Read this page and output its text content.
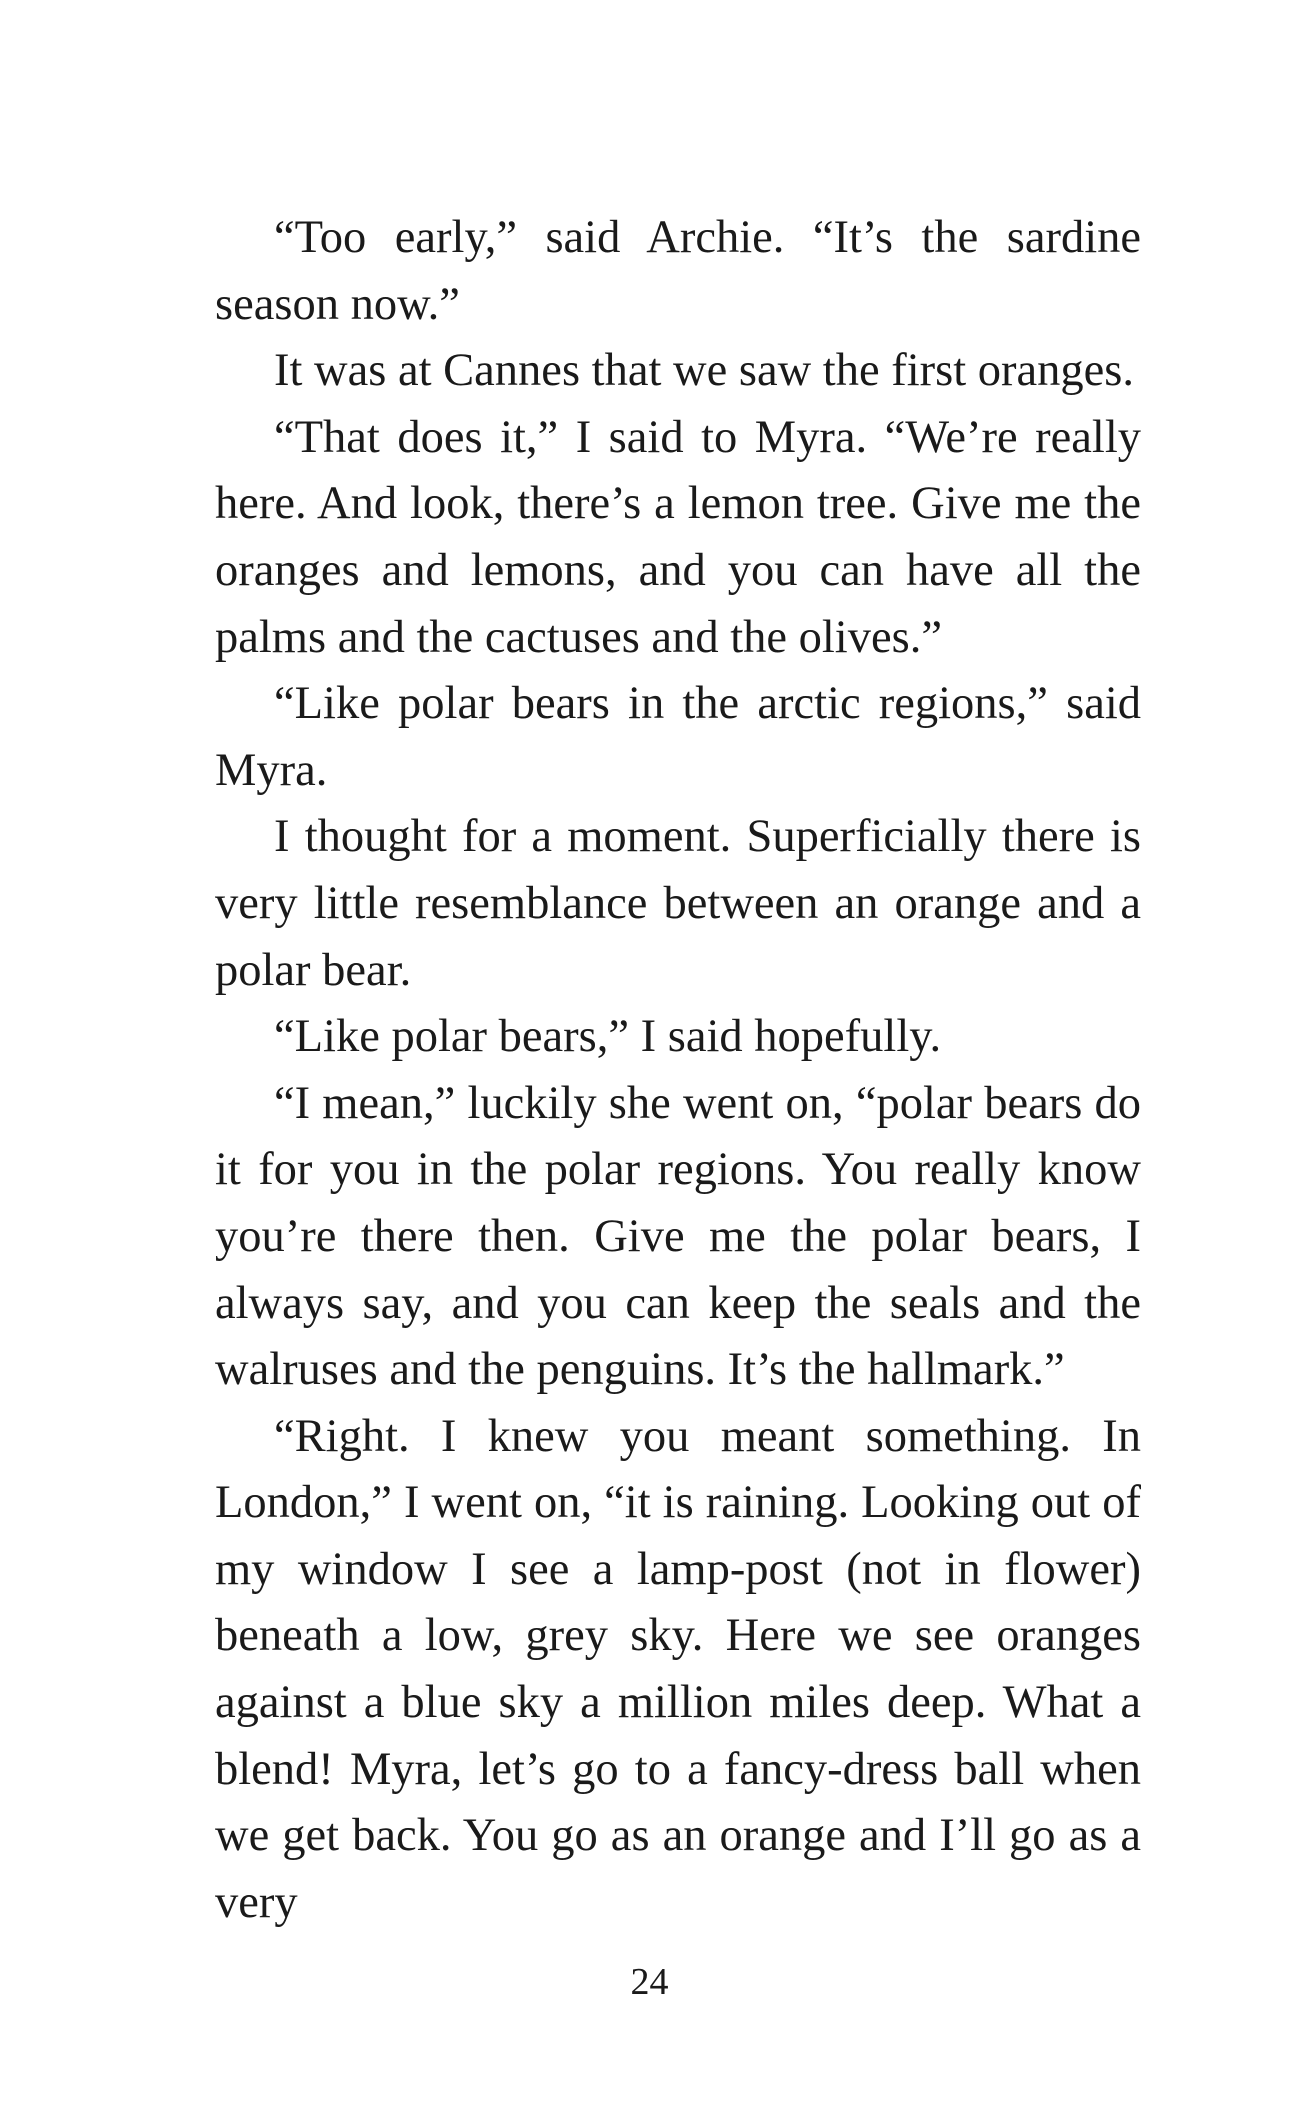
“Too early,” said Archie. “It’s the sardine season now.”

It was at Cannes that we saw the first oranges.

“That does it,” I said to Myra. “We’re really here. And look, there’s a lemon tree. Give me the oranges and lemons, and you can have all the palms and the cactuses and the olives.”

“Like polar bears in the arctic regions,” said Myra.

I thought for a moment. Superficially there is very little resemblance between an orange and a polar bear.

“Like polar bears,” I said hopefully.

“I mean,” luckily she went on, “polar bears do it for you in the polar regions. You really know you’re there then. Give me the polar bears, I always say, and you can keep the seals and the walruses and the penguins. It’s the hallmark.”

“Right. I knew you meant something. In London,” I went on, “it is raining. Looking out of my window I see a lamp-post (not in flower) beneath a low, grey sky. Here we see oranges against a blue sky a million miles deep. What a blend! Myra, let’s go to a fancy-dress ball when we get back. You go as an orange and I’ll go as a very

24
